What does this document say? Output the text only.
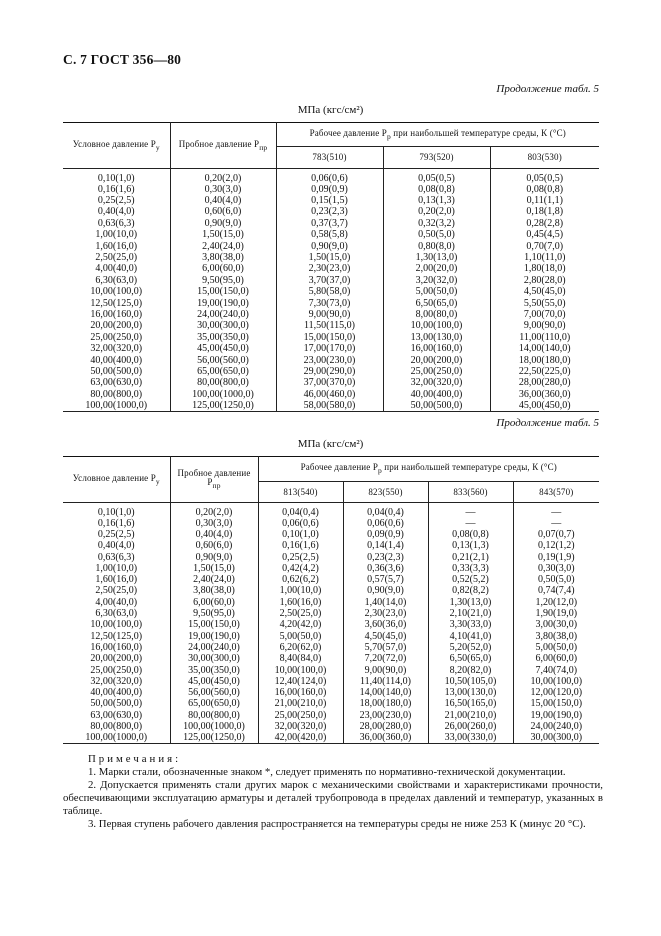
С. 7 ГОСТ 356—80
Продолжение табл. 5
МПа (кгс/см²)
Условное давление $P_у$	Пробное давление $P_{пр}$	Рабочее давление $P_р$ при наибольшей температуре среды, К (°С)		
		783(510)	793(520)	803(530)
0,10(1,0)	0,20(2,0)	0,06(0,6)	0,05(0,5)	0,05(0,5)
0,16(1,6)	0,30(3,0)	0,09(0,9)	0,08(0,8)	0,08(0,8)
0,25(2,5)	0,40(4,0)	0,15(1,5)	0,13(1,3)	0,11(1,1)
0,40(4,0)	0,60(6,0)	0,23(2,3)	0,20(2,0)	0,18(1,8)
0,63(6,3)	0,90(9,0)	0,37(3,7)	0,32(3,2)	0,28(2,8)
1,00(10,0)	1,50(15,0)	0,58(5,8)	0,50(5,0)	0,45(4,5)
1,60(16,0)	2,40(24,0)	0,90(9,0)	0,80(8,0)	0,70(7,0)
2,50(25,0)	3,80(38,0)	1,50(15,0)	1,30(13,0)	1,10(11,0)
4,00(40,0)	6,00(60,0)	2,30(23,0)	2,00(20,0)	1,80(18,0)
6,30(63,0)	9,50(95,0)	3,70(37,0)	3,20(32,0)	2,80(28,0)
10,00(100,0)	15,00(150,0)	5,80(58,0)	5,00(50,0)	4,50(45,0)
12,50(125,0)	19,00(190,0)	7,30(73,0)	6,50(65,0)	5,50(55,0)
16,00(160,0)	24,00(240,0)	9,00(90,0)	8,00(80,0)	7,00(70,0)
20,00(200,0)	30,00(300,0)	11,50(115,0)	10,00(100,0)	9,00(90,0)
25,00(250,0)	35,00(350,0)	15,00(150,0)	13,00(130,0)	11,00(110,0)
32,00(320,0)	45,00(450,0)	17,00(170,0)	16,00(160,0)	14,00(140,0)
40,00(400,0)	56,00(560,0)	23,00(230,0)	20,00(200,0)	18,00(180,0)
50,00(500,0)	65,00(650,0)	29,00(290,0)	25,00(250,0)	22,50(225,0)
63,00(630,0)	80,00(800,0)	37,00(370,0)	32,00(320,0)	28,00(280,0)
80,00(800,0)	100,00(1000,0)	46,00(460,0)	40,00(400,0)	36,00(360,0)
100,00(1000,0)	125,00(1250,0)	58,00(580,0)	50,00(500,0)	45,00(450,0)
Продолжение табл. 5
МПа (кгс/см²)
Условное давление $P_у$	Пробное давление $P_{пр}$	Рабочее давление $P_р$ при наибольшей температуре среды, К (°С)			
		813(540)	823(550)	833(560)	843(570)
0,10(1,0)	0,20(2,0)	0,04(0,4)	0,04(0,4)	—	—
0,16(1,6)	0,30(3,0)	0,06(0,6)	0,06(0,6)	—	—
0,25(2,5)	0,40(4,0)	0,10(1,0)	0,09(0,9)	0,08(0,8)	0,07(0,7)
0,40(4,0)	0,60(6,0)	0,16(1,6)	0,14(1,4)	0,13(1,3)	0,12(1,2)
0,63(6,3)	0,90(9,0)	0,25(2,5)	0,23(2,3)	0,21(2,1)	0,19(1,9)
1,00(10,0)	1,50(15,0)	0,42(4,2)	0,36(3,6)	0,33(3,3)	0,30(3,0)
1,60(16,0)	2,40(24,0)	0,62(6,2)	0,57(5,7)	0,52(5,2)	0,50(5,0)
2,50(25,0)	3,80(38,0)	1,00(10,0)	0,90(9,0)	0,82(8,2)	0,74(7,4)
4,00(40,0)	6,00(60,0)	1,60(16,0)	1,40(14,0)	1,30(13,0)	1,20(12,0)
6,30(63,0)	9,50(95,0)	2,50(25,0)	2,30(23,0)	2,10(21,0)	1,90(19,0)
10,00(100,0)	15,00(150,0)	4,20(42,0)	3,60(36,0)	3,30(33,0)	3,00(30,0)
12,50(125,0)	19,00(190,0)	5,00(50,0)	4,50(45,0)	4,10(41,0)	3,80(38,0)
16,00(160,0)	24,00(240,0)	6,20(62,0)	5,70(57,0)	5,20(52,0)	5,00(50,0)
20,00(200,0)	30,00(300,0)	8,40(84,0)	7,20(72,0)	6,50(65,0)	6,00(60,0)
25,00(250,0)	35,00(350,0)	10,00(100,0)	9,00(90,0)	8,20(82,0)	7,40(74,0)
32,00(320,0)	45,00(450,0)	12,40(124,0)	11,40(114,0)	10,50(105,0)	10,00(100,0)
40,00(400,0)	56,00(560,0)	16,00(160,0)	14,00(140,0)	13,00(130,0)	12,00(120,0)
50,00(500,0)	65,00(650,0)	21,00(210,0)	18,00(180,0)	16,50(165,0)	15,00(150,0)
63,00(630,0)	80,00(800,0)	25,00(250,0)	23,00(230,0)	21,00(210,0)	19,00(190,0)
80,00(800,0)	100,00(1000,0)	32,00(320,0)	28,00(280,0)	26,00(260,0)	24,00(240,0)
100,00(1000,0)	125,00(1250,0)	42,00(420,0)	36,00(360,0)	33,00(330,0)	30,00(300,0)
Примечания:

1. Марки стали, обозначенные знаком *, следует применять по нормативно-технической документации.

2. Допускается применять стали других марок с механическими свойствами и характеристиками прочности, обеспечивающими эксплуатацию арматуры и деталей трубопровода в пределах давлений и температур, указанных в таблице.

3. Первая ступень рабочего давления распространяется на температуры среды не ниже 253 К (минус 20 °С).
